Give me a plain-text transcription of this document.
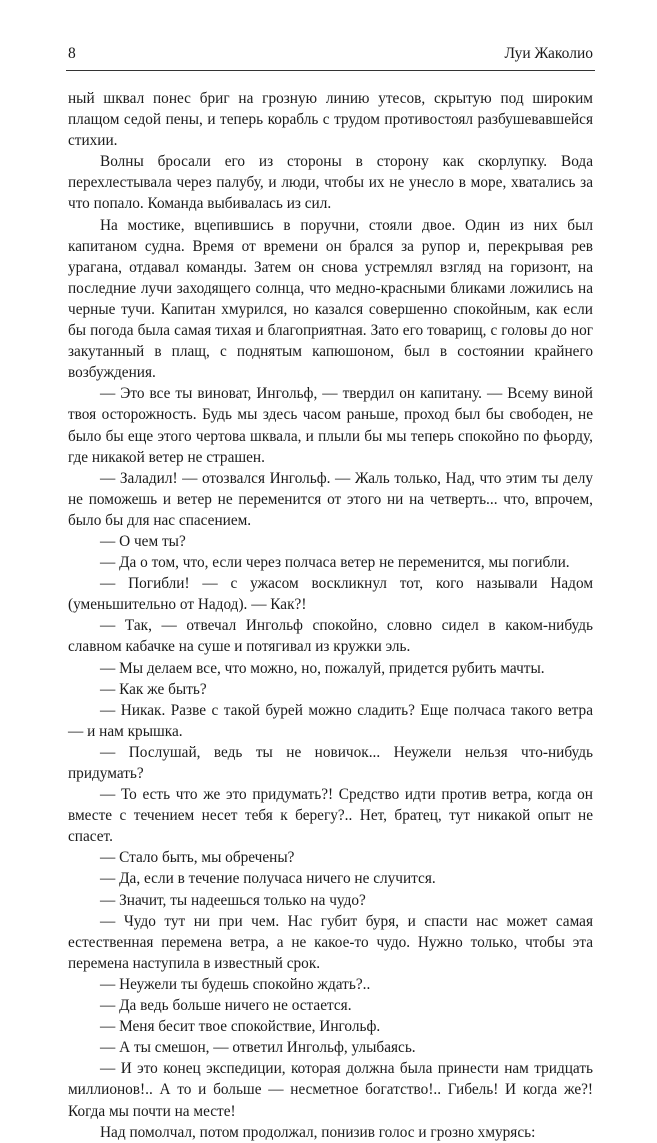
8	Луи Жаколио

ный шквал понес бриг на грозную линию утесов, скрытую под широким плащом седой пены, и теперь корабль с трудом противостоял разбушевавшейся стихии.

Волны бросали его из стороны в сторону как скорлупку. Вода перехлестывала через палубу, и люди, чтобы их не унесло в море, хватались за что попало. Команда выбивалась из сил.

На мостике, вцепившись в поручни, стояли двое. Один из них был капитаном судна. Время от времени он брался за рупор и, перекрывая рев урагана, отдавал команды. Затем он снова устремлял взгляд на горизонт, на последние лучи заходящего солнца, что медно-красными бликами ложились на черные тучи. Капитан хмурился, но казался совершенно спокойным, как если бы погода была самая тихая и благоприятная. Зато его товарищ, с головы до ног закутанный в плащ, с поднятым капюшоном, был в состоянии крайнего возбуждения.

— Это все ты виноват, Ингольф, — твердил он капитану. — Всему виной твоя осторожность. Будь мы здесь часом раньше, проход был бы свободен, не было бы еще этого чертова шквала, и плыли бы мы теперь спокойно по фьорду, где никакой ветер не страшен.

— Заладил! — отозвался Ингольф. — Жаль только, Над, что этим ты делу не поможешь и ветер не переменится от этого ни на четверть... что, впрочем, было бы для нас спасением.

— О чем ты?

— Да о том, что, если через полчаса ветер не переменится, мы погибли.

— Погибли! — с ужасом воскликнул тот, кого называли Надом (уменьшительно от Надод). — Как?!

— Так, — отвечал Ингольф спокойно, словно сидел в каком-нибудь славном кабачке на суше и потягивал из кружки эль.

— Мы делаем все, что можно, но, пожалуй, придется рубить мачты.

— Как же быть?

— Никак. Разве с такой бурей можно сладить? Еще полчаса такого ветра — и нам крышка.

— Послушай, ведь ты не новичок... Неужели нельзя что-нибудь придумать?

— То есть что же это придумать?! Средство идти против ветра, когда он вместе с течением несет тебя к берегу?.. Нет, братец, тут никакой опыт не спасет.

— Стало быть, мы обречены?

— Да, если в течение получаса ничего не случится.

— Значит, ты надеешься только на чудо?

— Чудо тут ни при чем. Нас губит буря, и спасти нас может самая естественная перемена ветра, а не какое-то чудо. Нужно только, чтобы эта перемена наступила в известный срок.

— Неужели ты будешь спокойно ждать?..

— Да ведь больше ничего не остается.

— Меня бесит твое спокойствие, Ингольф.

— А ты смешон, — ответил Ингольф, улыбаясь.

— И это конец экспедиции, которая должна была принести нам тридцать миллионов!.. А то и больше — несметное богатство!.. Гибель! И когда же?! Когда мы почти на месте!

Над помолчал, потом продолжал, понизив голос и грозно хмурясь:
